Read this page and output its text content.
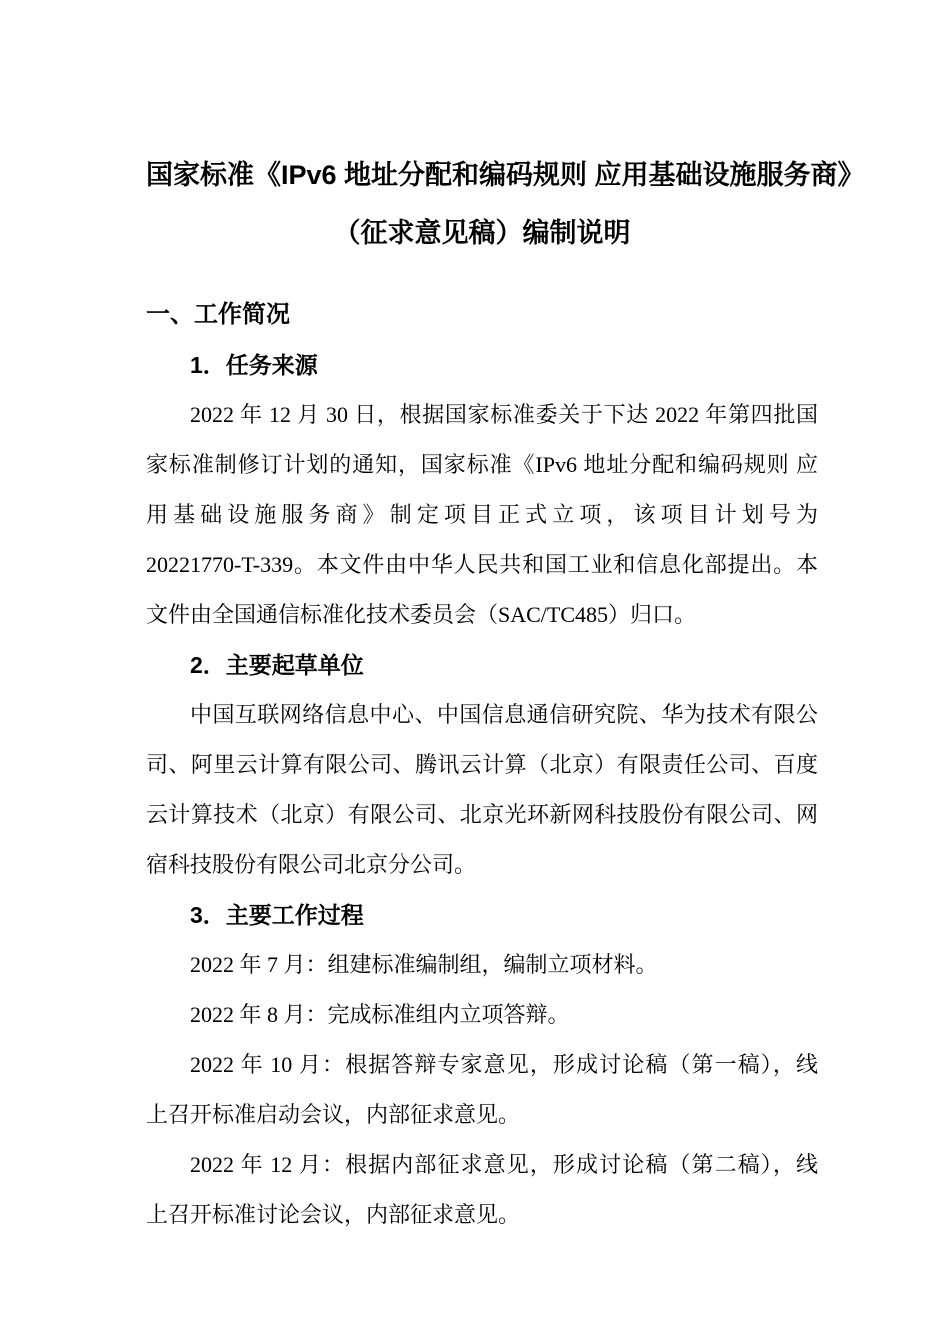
国家标准《IPv6 地址分配和编码规则 应用基础设施服务商》
（征求意见稿）编制说明
一、工作简况
1．任务来源
2022 年 12 月 30 日，根据国家标准委关于下达 2022 年第四批国
家标准制修订计划的通知，国家标准《IPv6 地址分配和编码规则 应
用基础设施服务商》制定项目正式立项，该项目计划号为
20221770-T-339。本文件由中华人民共和国工业和信息化部提出。本
文件由全国通信标准化技术委员会（SAC/TC485）归口。
2．主要起草单位
中国互联网络信息中心、中国信息通信研究院、华为技术有限公
司、阿里云计算有限公司、腾讯云计算（北京）有限责任公司、百度
云计算技术（北京）有限公司、北京光环新网科技股份有限公司、网
宿科技股份有限公司北京分公司。
3．主要工作过程
2022 年 7 月：组建标准编制组，编制立项材料。
2022 年 8 月：完成标准组内立项答辩。
2022 年 10 月：根据答辩专家意见，形成讨论稿（第一稿），线
上召开标准启动会议，内部征求意见。
2022 年 12 月：根据内部征求意见，形成讨论稿（第二稿），线
上召开标准讨论会议，内部征求意见。
